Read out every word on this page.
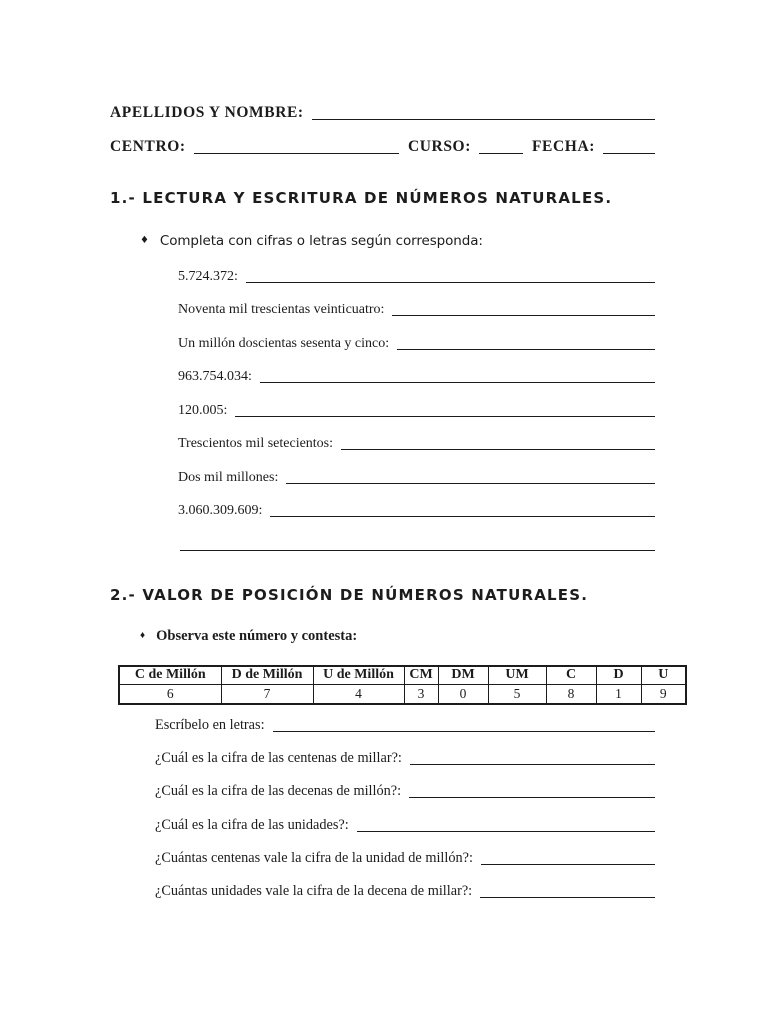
APELLIDOS Y NOMBRE:
CENTRO:	CURSO:	FECHA:
1.- LECTURA Y ESCRITURA DE NÚMEROS NATURALES.
♦ Completa con cifras o letras según corresponda:
5.724.372:
Noventa mil trescientas veinticuatro:
Un millón doscientas sesenta y cinco:
963.754.034:
120.005:
Trescientos mil setecientos:
Dos mil millones:
3.060.309.609:
2.- VALOR DE POSICIÓN DE NÚMEROS NATURALES.
♦ Observa este número y contesta:
C de Millón	D de Millón	U de Millón	CM	DM	UM	C	D	U
6	7	4	3	0	5	8	1	9
Escríbelo en letras:
¿Cuál es la cifra de las centenas de millar?:
¿Cuál es la cifra de las decenas de millón?:
¿Cuál es la cifra de las unidades?:
¿Cuántas centenas vale la cifra de la unidad de millón?:
¿Cuántas unidades vale la cifra de la decena de millar?:
